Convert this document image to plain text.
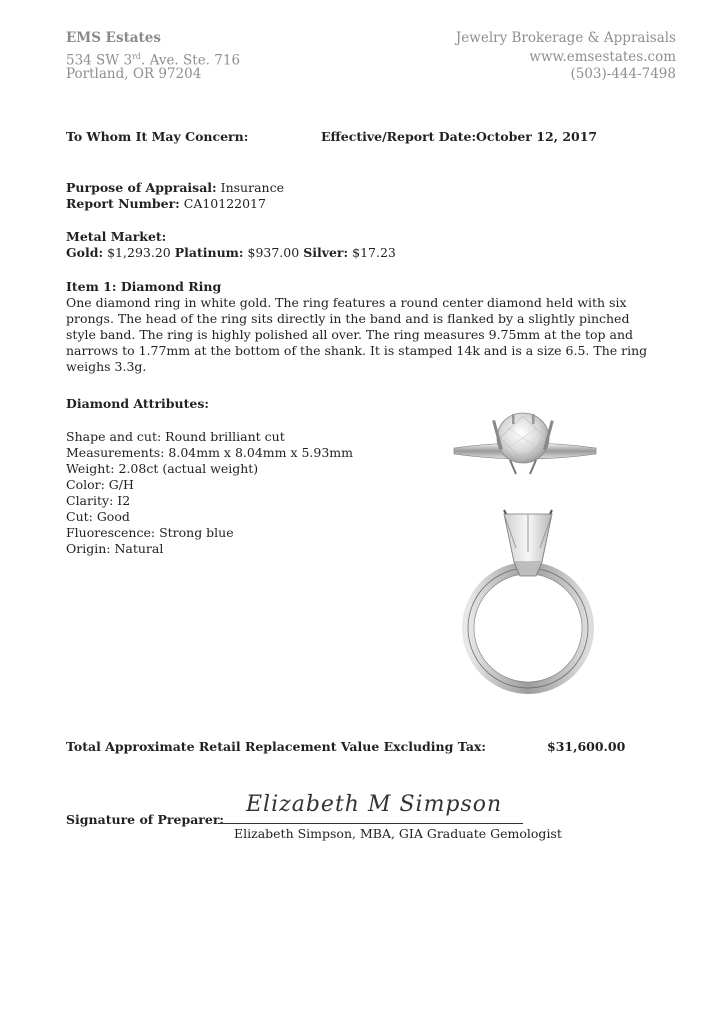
EMS Estates
534 SW 3rd. Ave. Ste. 716
Portland, OR 97204
Jewelry Brokerage & Appraisals
www.emsestates.com
(503)-444-7498
To Whom It May Concern:	Effective/Report Date: October 12, 2017
Purpose of Appraisal: Insurance
Report Number: CA10122017
Metal Market:
Gold: $1,293.20 Platinum: $937.00 Silver: $17.23
Item 1: Diamond Ring
One diamond ring in white gold. The ring features a round center diamond held with six
prongs. The head of the ring sits directly in the band and is flanked by a slightly pinched
style band. The ring is highly polished all over. The ring measures 9.75mm at the top and
narrows to 1.77mm at the bottom of the shank. It is stamped 14k and is a size 6.5. The ring
weighs 3.3g.
Diamond Attributes:
Shape and cut: Round brilliant cut
Measurements: 8.04mm x 8.04mm x 5.93mm
Weight: 2.08ct (actual weight)
Color: G/H
Clarity: I2
Cut: Good
Fluorescence: Strong blue
Origin: Natural
Total Approximate Retail Replacement Value Excluding Tax:	$31,600.00
Signature of Preparer:
Elizabeth M Simpson
Elizabeth Simpson, MBA, GIA Graduate Gemologist
